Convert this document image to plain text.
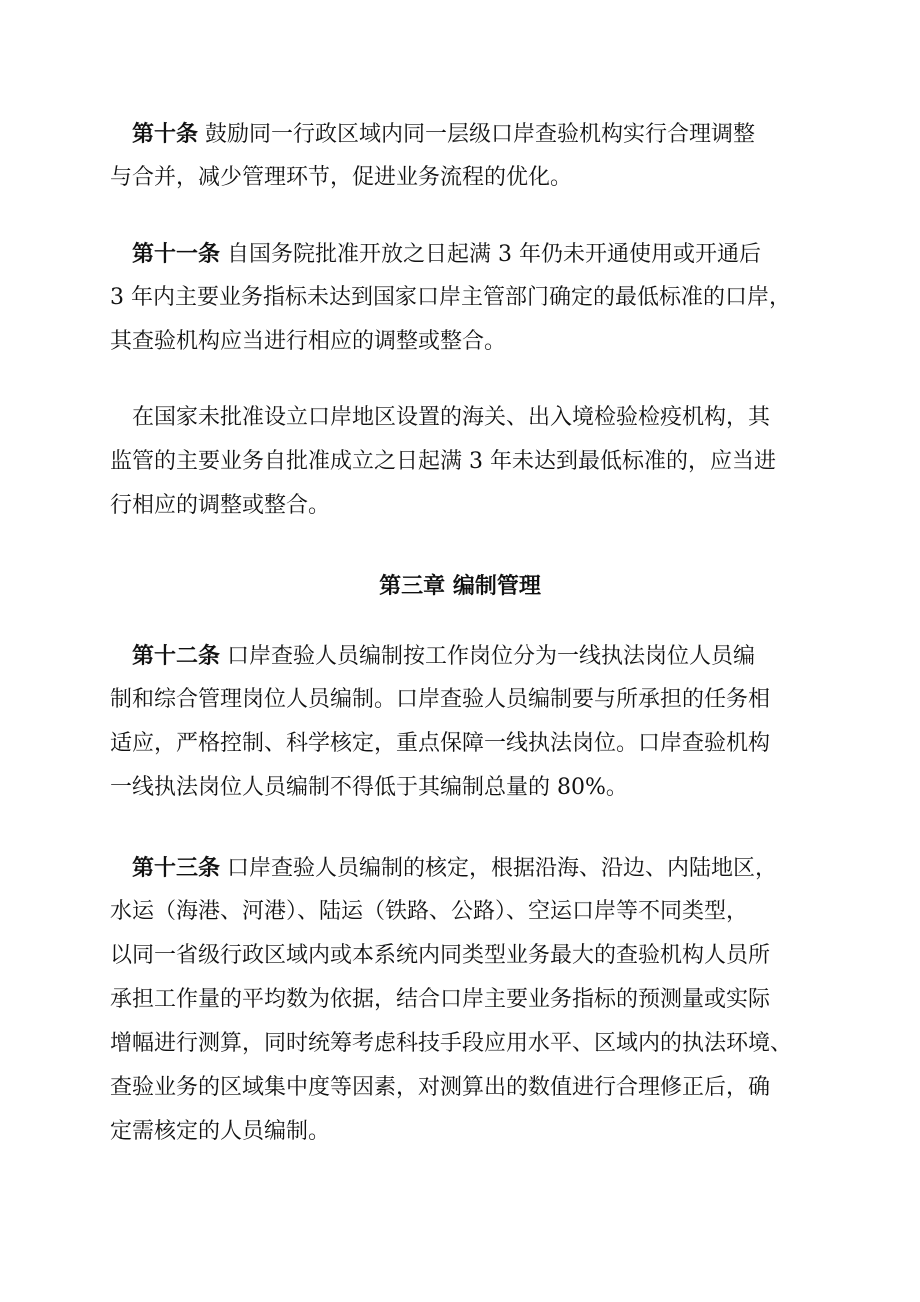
第十条 鼓励同一行政区域内同一层级口岸查验机构实行合理调整
与合并，减少管理环节，促进业务流程的优化。
第十一条 自国务院批准开放之日起满 3 年仍未开通使用或开通后
3 年内主要业务指标未达到国家口岸主管部门确定的最低标准的口岸，
其查验机构应当进行相应的调整或整合。
在国家未批准设立口岸地区设置的海关、出入境检验检疫机构，其
监管的主要业务自批准成立之日起满 3 年未达到最低标准的，应当进
行相应的调整或整合。
第三章 编制管理
第十二条 口岸查验人员编制按工作岗位分为一线执法岗位人员编
制和综合管理岗位人员编制。口岸查验人员编制要与所承担的任务相
适应，严格控制、科学核定，重点保障一线执法岗位。口岸查验机构
一线执法岗位人员编制不得低于其编制总量的 80%。
第十三条 口岸查验人员编制的核定，根据沿海、沿边、内陆地区，
水运（海港、河港）、陆运（铁路、公路）、空运口岸等不同类型，
以同一省级行政区域内或本系统内同类型业务最大的查验机构人员所
承担工作量的平均数为依据，结合口岸主要业务指标的预测量或实际
增幅进行测算，同时统筹考虑科技手段应用水平、区域内的执法环境、
查验业务的区域集中度等因素，对测算出的数值进行合理修正后，确
定需核定的人员编制。
